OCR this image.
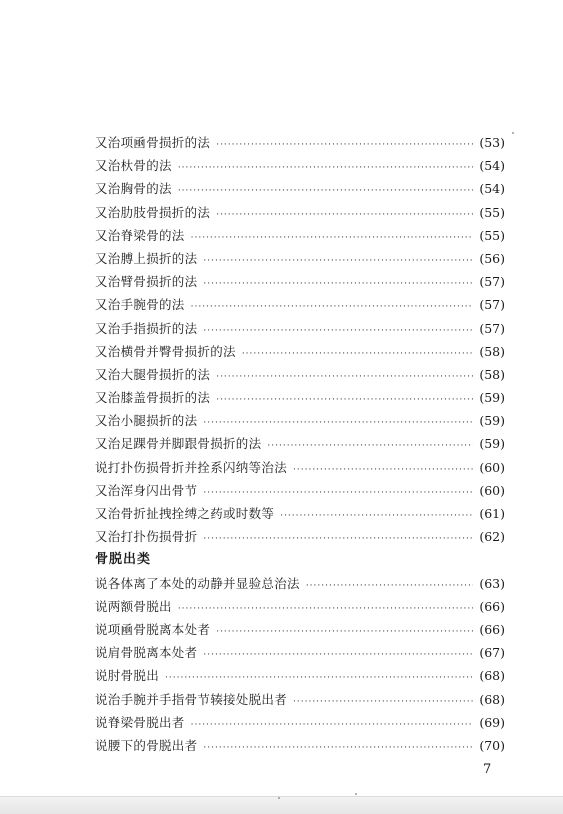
又治项凾骨损折的法 ·····	(53)
又治杕骨的法 ·····	(54)
又治胸骨的法 ·····	(54)
又治肋肢骨损折的法 ·····	(55)
又治脊梁骨的法 ·····	(55)
又治膊上损折的法 ·····	(56)
又治臂骨损折的法 ·····	(57)
又治手腕骨的法 ·····	(57)
又治手指损折的法 ·····	(57)
又治横骨并臀骨损折的法 ·····	(58)
又治大腿骨损折的法 ·····	(58)
又治膝盖骨损折的法 ·····	(59)
又治小腿损折的法 ·····	(59)
又治足踝骨并脚跟骨损折的法 ·····	(59)
说打扑伤损骨折并拴系闪纳等治法 ·····	(60)
又治浑身闪出骨节 ·····	(60)
又治骨折扯拽拴缚之药或时数等 ·····	(61)
又治打扑伤损骨折 ·····	(62)
骨脱出类
说各体离了本处的动静并显验总治法 ·····	(63)
说两额骨脱出 ·····	(66)
说项凾骨脱离本处者 ·····	(66)
说肩骨脱离本处者 ·····	(67)
说肘骨脱出 ·····	(68)
说治手腕并手指骨节辏接处脱出者 ·····	(68)
说脊梁骨脱出者 ·····	(69)
说腰下的骨脱出者 ·····	(70)
7
